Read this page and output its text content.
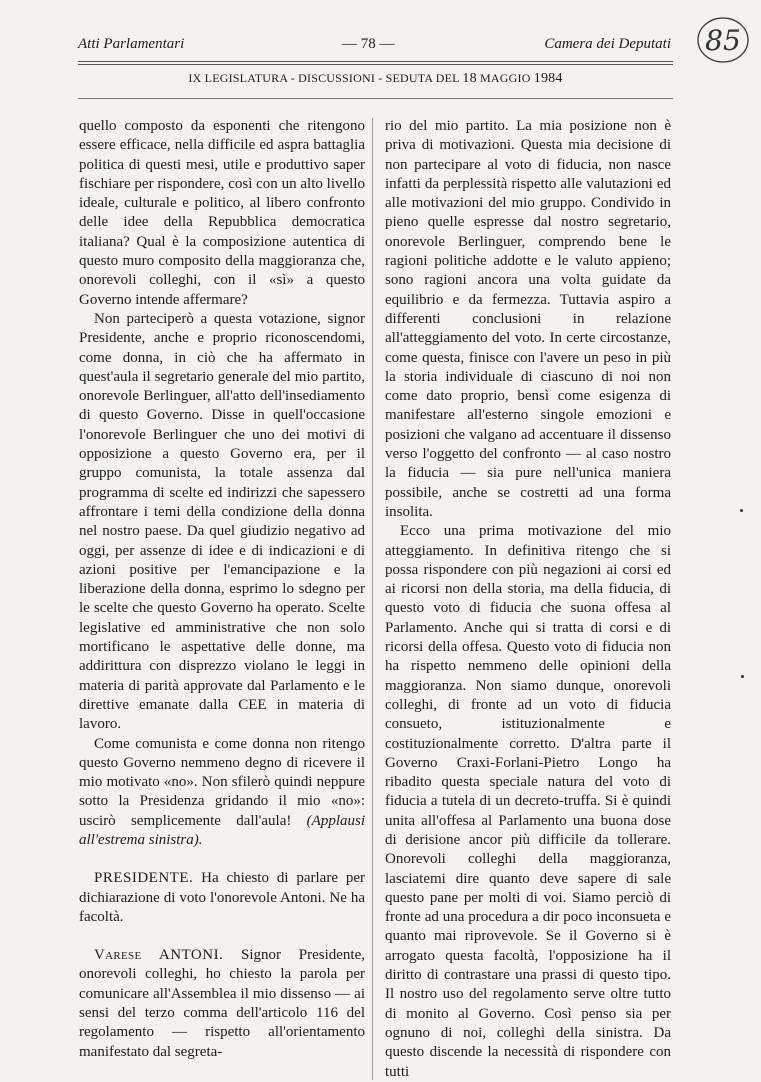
Atti Parlamentari	— 78 —	Camera dei Deputati
IX LEGISLATURA - DISCUSSIONI - SEDUTA DEL 18 MAGGIO 1984
85

quello composto da esponenti che ritengono essere efficace, nella difficile ed aspra battaglia politica di questi mesi, utile e produttivo saper fischiare per rispondere, così con un alto livello ideale, culturale e politico, al libero confronto delle idee della Repubblica democratica italiana? Qual è la composizione autentica di questo muro composito della maggioranza che, onorevoli colleghi, con il «sì» a questo Governo intende affermare?

Non parteciperò a questa votazione, signor Presidente, anche e proprio riconoscendomi, come donna, in ciò che ha affermato in quest'aula il segretario generale del mio partito, onorevole Berlinguer, all'atto dell'insediamento di questo Governo. Disse in quell'occasione l'onorevole Berlinguer che uno dei motivi di opposizione a questo Governo era, per il gruppo comunista, la totale assenza dal programma di scelte ed indirizzi che sapessero affrontare i temi della condizione della donna nel nostro paese. Da quel giudizio negativo ad oggi, per assenze di idee e di indicazioni e di azioni positive per l'emancipazione e la liberazione della donna, esprimo lo sdegno per le scelte che questo Governo ha operato. Scelte legislative ed amministrative che non solo mortificano le aspettative delle donne, ma addirittura con disprezzo violano le leggi in materia di parità approvate dal Parlamento e le direttive emanate dalla CEE in materia di lavoro.

Come comunista e come donna non ritengo questo Governo nemmeno degno di ricevere il mio motivato «no». Non sfilerò quindi neppure sotto la Presidenza gridando il mio «no»: uscirò semplicemente dall'aula! (Applausi all'estrema sinistra).

PRESIDENTE. Ha chiesto di parlare per dichiarazione di voto l'onorevole Antoni. Ne ha facoltà.

Varese ANTONI. Signor Presidente, onorevoli colleghi, ho chiesto la parola per comunicare all'Assemblea il mio dissenso — ai sensi del terzo comma dell'articolo 116 del regolamento — rispetto all'orientamento manifestato dal segreta-

rio del mio partito. La mia posizione non è priva di motivazioni. Questa mia decisione di non partecipare al voto di fiducia, non nasce infatti da perplessità rispetto alle valutazioni ed alle motivazioni del mio gruppo. Condivido in pieno quelle espresse dal nostro segretario, onorevole Berlinguer, comprendo bene le ragioni politiche addotte e le valuto appieno; sono ragioni ancora una volta guidate da equilibrio e da fermezza. Tuttavia aspiro a differenti conclusioni in relazione all'atteggiamento del voto. In certe circostanze, come questa, finisce con l'avere un peso in più la storia individuale di ciascuno di noi non come dato proprio, bensì come esigenza di manifestare all'esterno singole emozioni e posizioni che valgano ad accentuare il dissenso verso l'oggetto del confronto — al caso nostro la fiducia — sia pure nell'unica maniera possibile, anche se costretti ad una forma insolita.

Ecco una prima motivazione del mio atteggiamento. In definitiva ritengo che si possa rispondere con più negazioni ai corsi ed ai ricorsi non della storia, ma della fiducia, di questo voto di fiducia che suona offesa al Parlamento. Anche qui si tratta di corsi e di ricorsi della offesa. Questo voto di fiducia non ha rispetto nemmeno delle opinioni della maggioranza. Non siamo dunque, onorevoli colleghi, di fronte ad un voto di fiducia consueto, istituzionalmente e costituzionalmente corretto. D'altra parte il Governo Craxi-Forlani-Pietro Longo ha ribadito questa speciale natura del voto di fiducia a tutela di un decreto-truffa. Si è quindi unita all'offesa al Parlamento una buona dose di derisione ancor più difficile da tollerare. Onorevoli colleghi della maggioranza, lasciatemi dire quanto deve sapere di sale questo pane per molti di voi. Siamo perciò di fronte ad una procedura a dir poco inconsueta e quanto mai riprovevole. Se il Governo si è arrogato questa facoltà, l'opposizione ha il diritto di contrastare una prassi di questo tipo. Il nostro uso del regolamento serve oltre tutto di monito al Governo. Così penso sia per ognuno di noi, colleghi della sinistra. Da questo discende la necessità di rispondere con tutti
